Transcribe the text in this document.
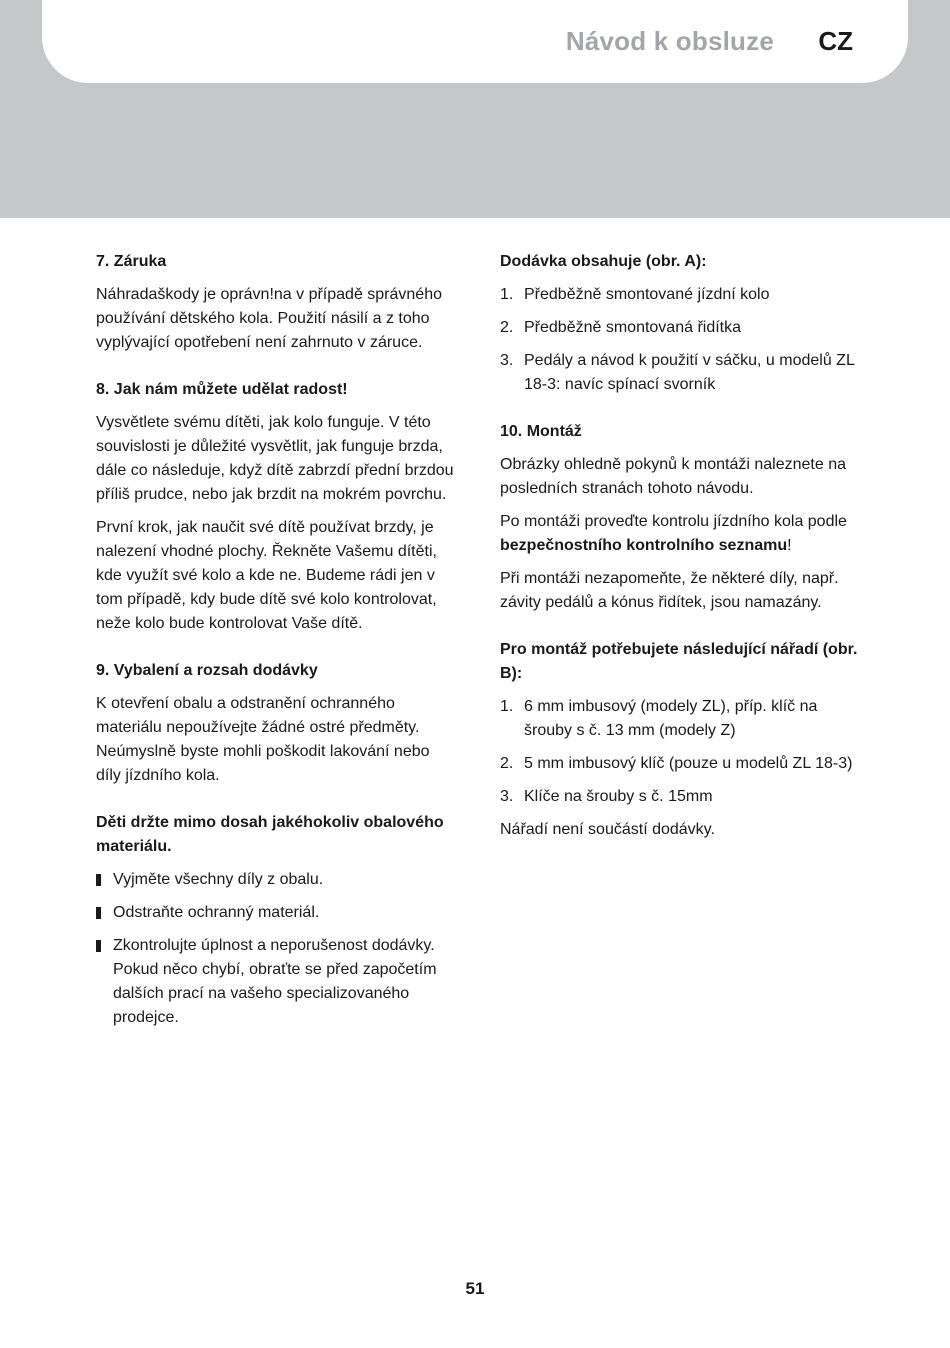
Návod k obsluze CZ
7. Záruka

Náhradaškody je oprávn!na v případě správného používání dětského kola. Použití násilí a z toho vyplývající opotřebení není zahrnuto v záruce.

8. Jak nám můžete udělat radost!

Vysvětlete svému dítěti, jak kolo funguje. V této souvislosti je důležité vysvětlit, jak funguje brzda, dále co následuje, když dítě zabrzdí přední brzdou příliš prudce, nebo jak brzdit na mokrém povrchu.

První krok, jak naučit své dítě používat brzdy, je nalezení vhodné plochy. Řekněte Vašemu dítěti, kde využít své kolo a kde ne. Budeme rádi jen v tom případě, kdy bude dítě své kolo kontrolovat, nežе kolo bude kontrolovat Vaše dítě.

9. Vybalení a rozsah dodávky

K otevření obalu a odstranění ochranného materiálu nepoužívejte žádné ostré předměty. Neúmyslně byste mohli poškodit lakování nebo díly jízdního kola.

Děti držte mimo dosah jakéhokoliv obalového materiálu.
Vyjměte všechny díly z obalu.
Odstraňte ochranný materiál.
Zkontrolujte úplnost a neporušenost dodávky. Pokud něco chybí, obraťte se před započetím dalších prací na vašeho specializovaného prodejce.
Dodávka obsahuje (obr. A):
1. Předběžně smontované jízdní kolo
2. Předběžně smontovaná řidítka
3. Pedály a návod k použití v sáčku, u modelů ZL 18-3: navíc spínací svorník
10. Montáž

Obrázky ohledně pokynů k montáži naleznete na posledních stranách tohoto návodu.

Po montáži proveďte kontrolu jízdního kola podle bezpečnostního kontrolního seznamu!

Při montáži nezapomeňte, že některé díly, např. závity pedálů a kónus řidítek, jsou namazány.

Pro montáž potřebujete následující nářadí (obr. B):
1. 6 mm imbusový (modely ZL), příp. klíč na šrouby s č. 13 mm (modely Z)
2. 5 mm imbusový klíč (pouze u modelů ZL 18-3)
3. Klíče na šrouby s č. 15mm

Nářadí není součástí dodávky.

51
